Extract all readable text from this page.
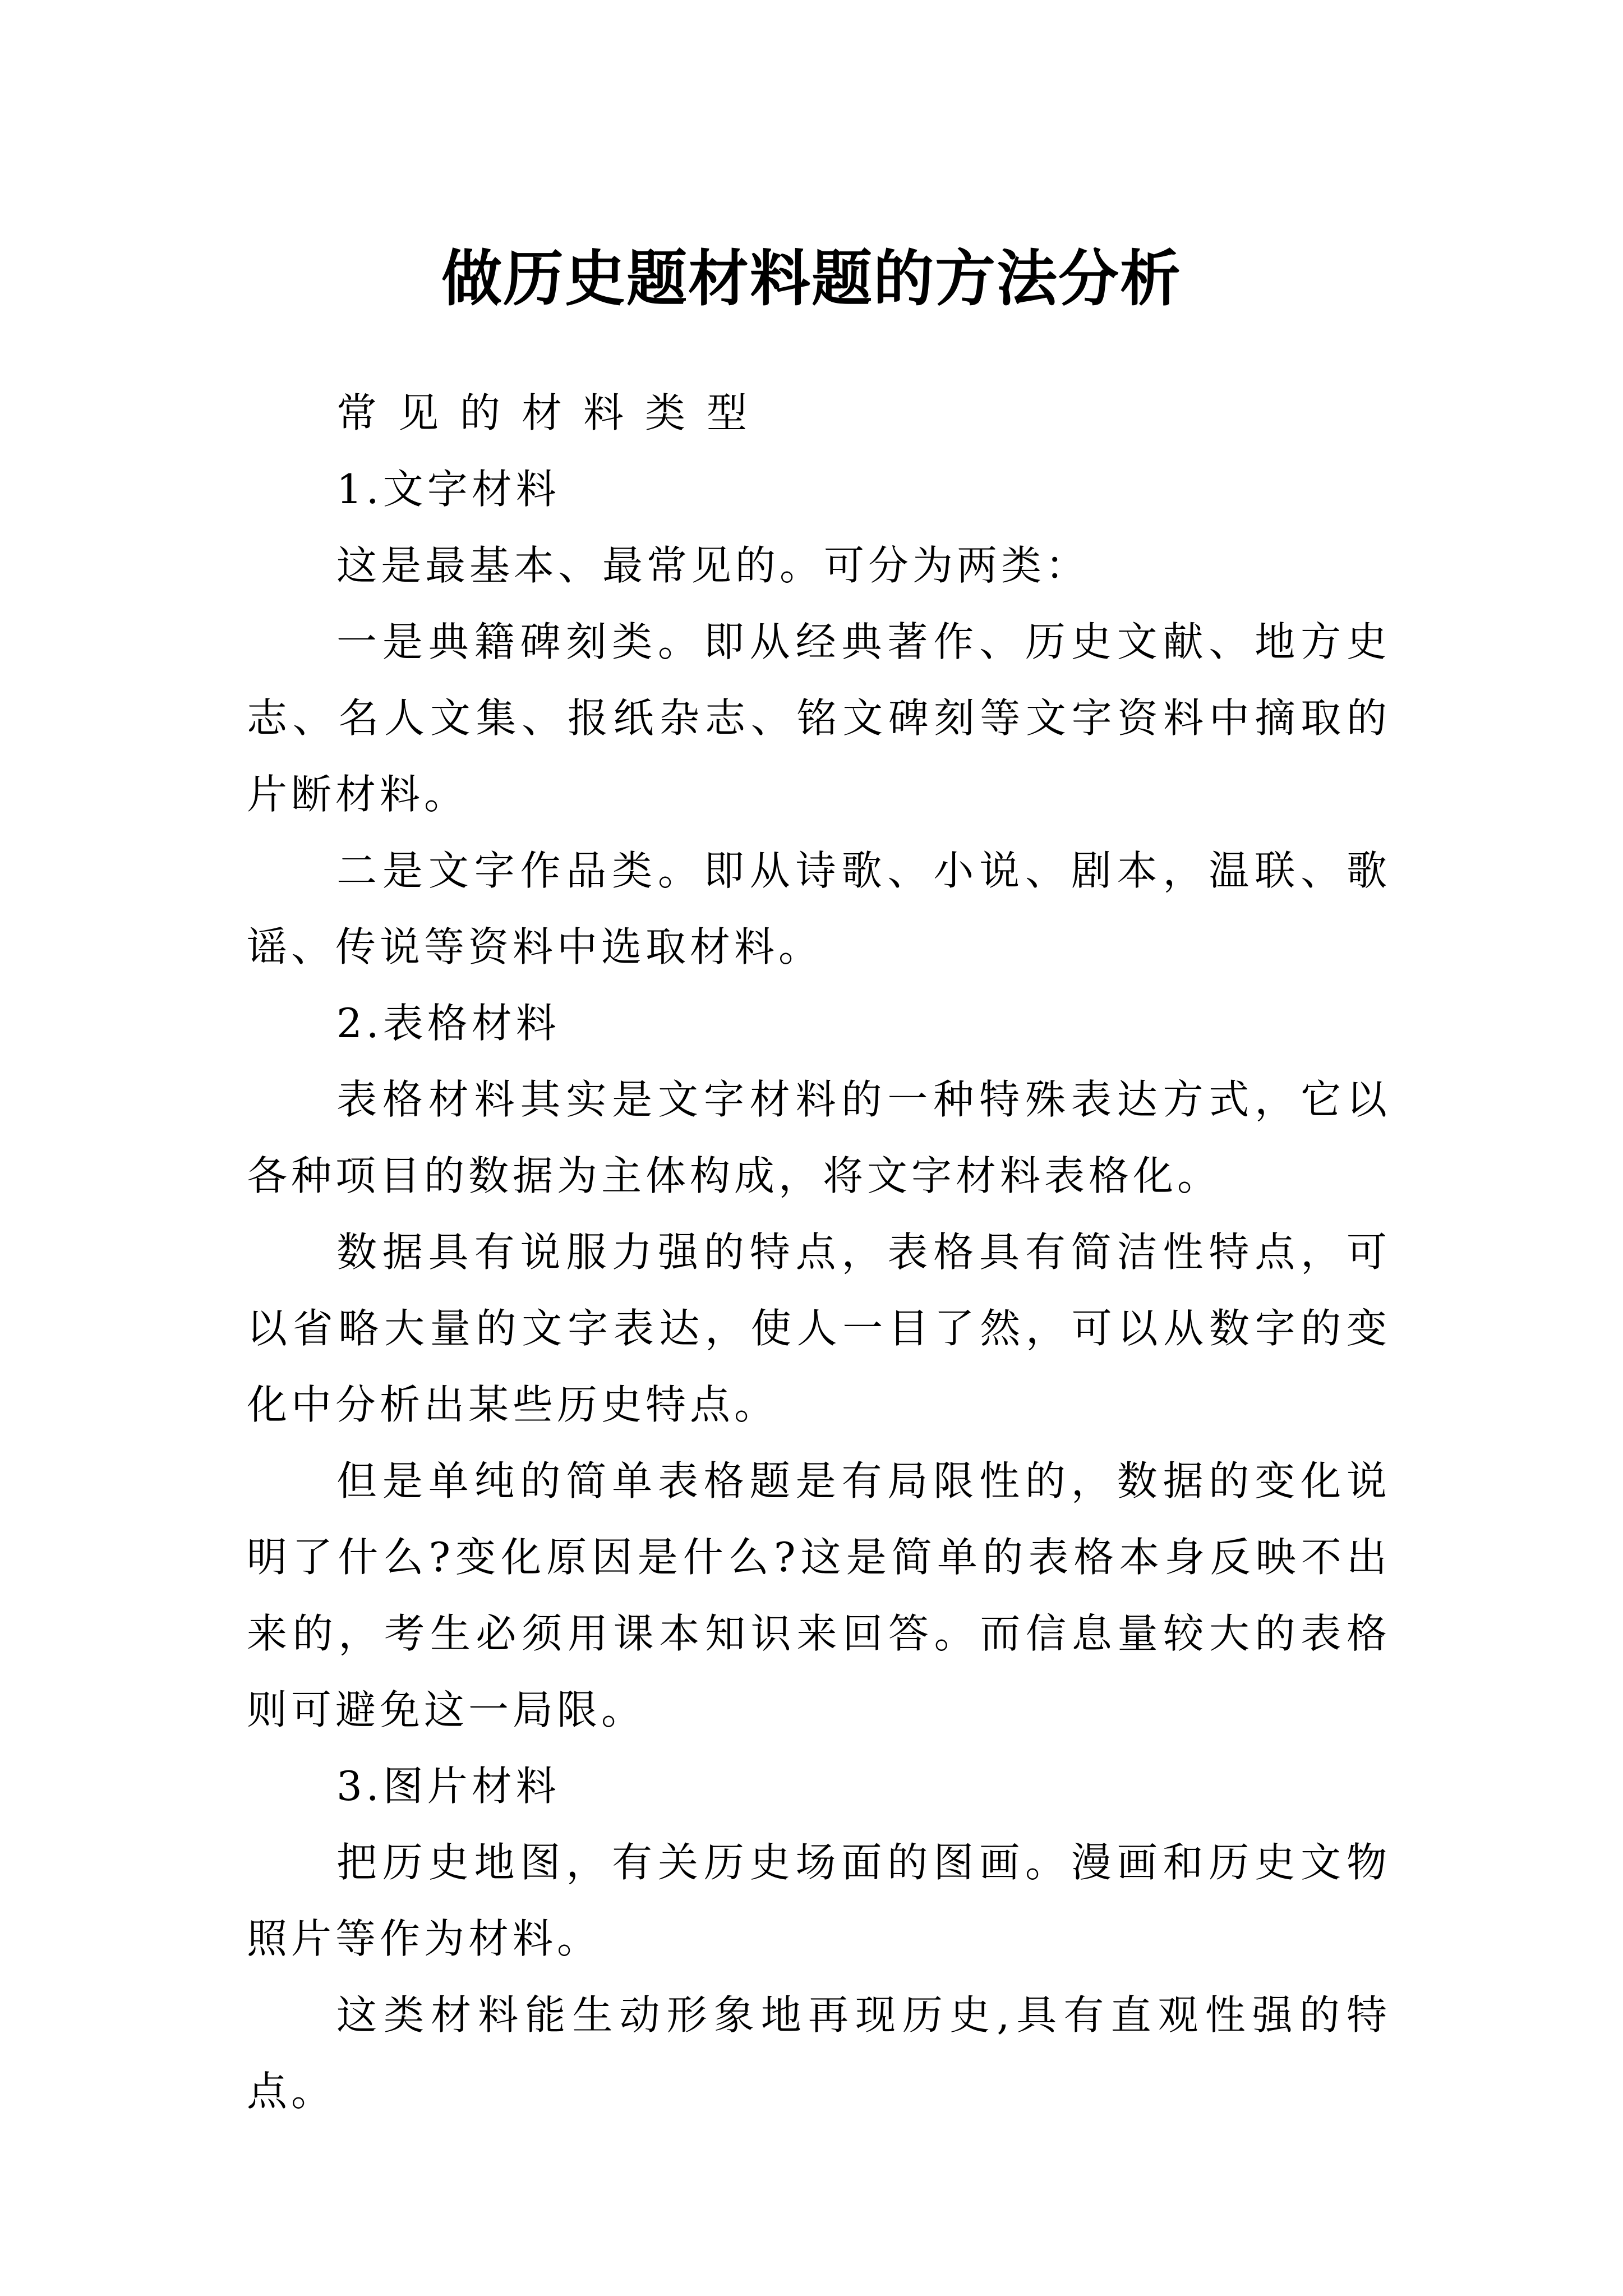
做历史题材料题的方法分析

常见的材料类型

1.文字材料

这是最基本、最常见的。可分为两类：

一是典籍碑刻类。即从经典著作、历史文献、地方史志、名人文集、报纸杂志、铭文碑刻等文字资料中摘取的片断材料。

二是文字作品类。即从诗歌、小说、剧本，温联、歌谣、传说等资料中选取材料。

2.表格材料

表格材料其实是文字材料的一种特殊表达方式，它以各种项目的数据为主体构成，将文字材料表格化。

数据具有说服力强的特点，表格具有简洁性特点，可以省略大量的文字表达，使人一目了然，可以从数字的变化中分析出某些历史特点。

但是单纯的简单表格题是有局限性的，数据的变化说明了什么?变化原因是什么?这是简单的表格本身反映不出来的，考生必须用课本知识来回答。而信息量较大的表格则可避免这一局限。

3.图片材料

把历史地图，有关历史场面的图画。漫画和历史文物照片等作为材料。

这类材料能生动形象地再现历史,具有直观性强的特点。
